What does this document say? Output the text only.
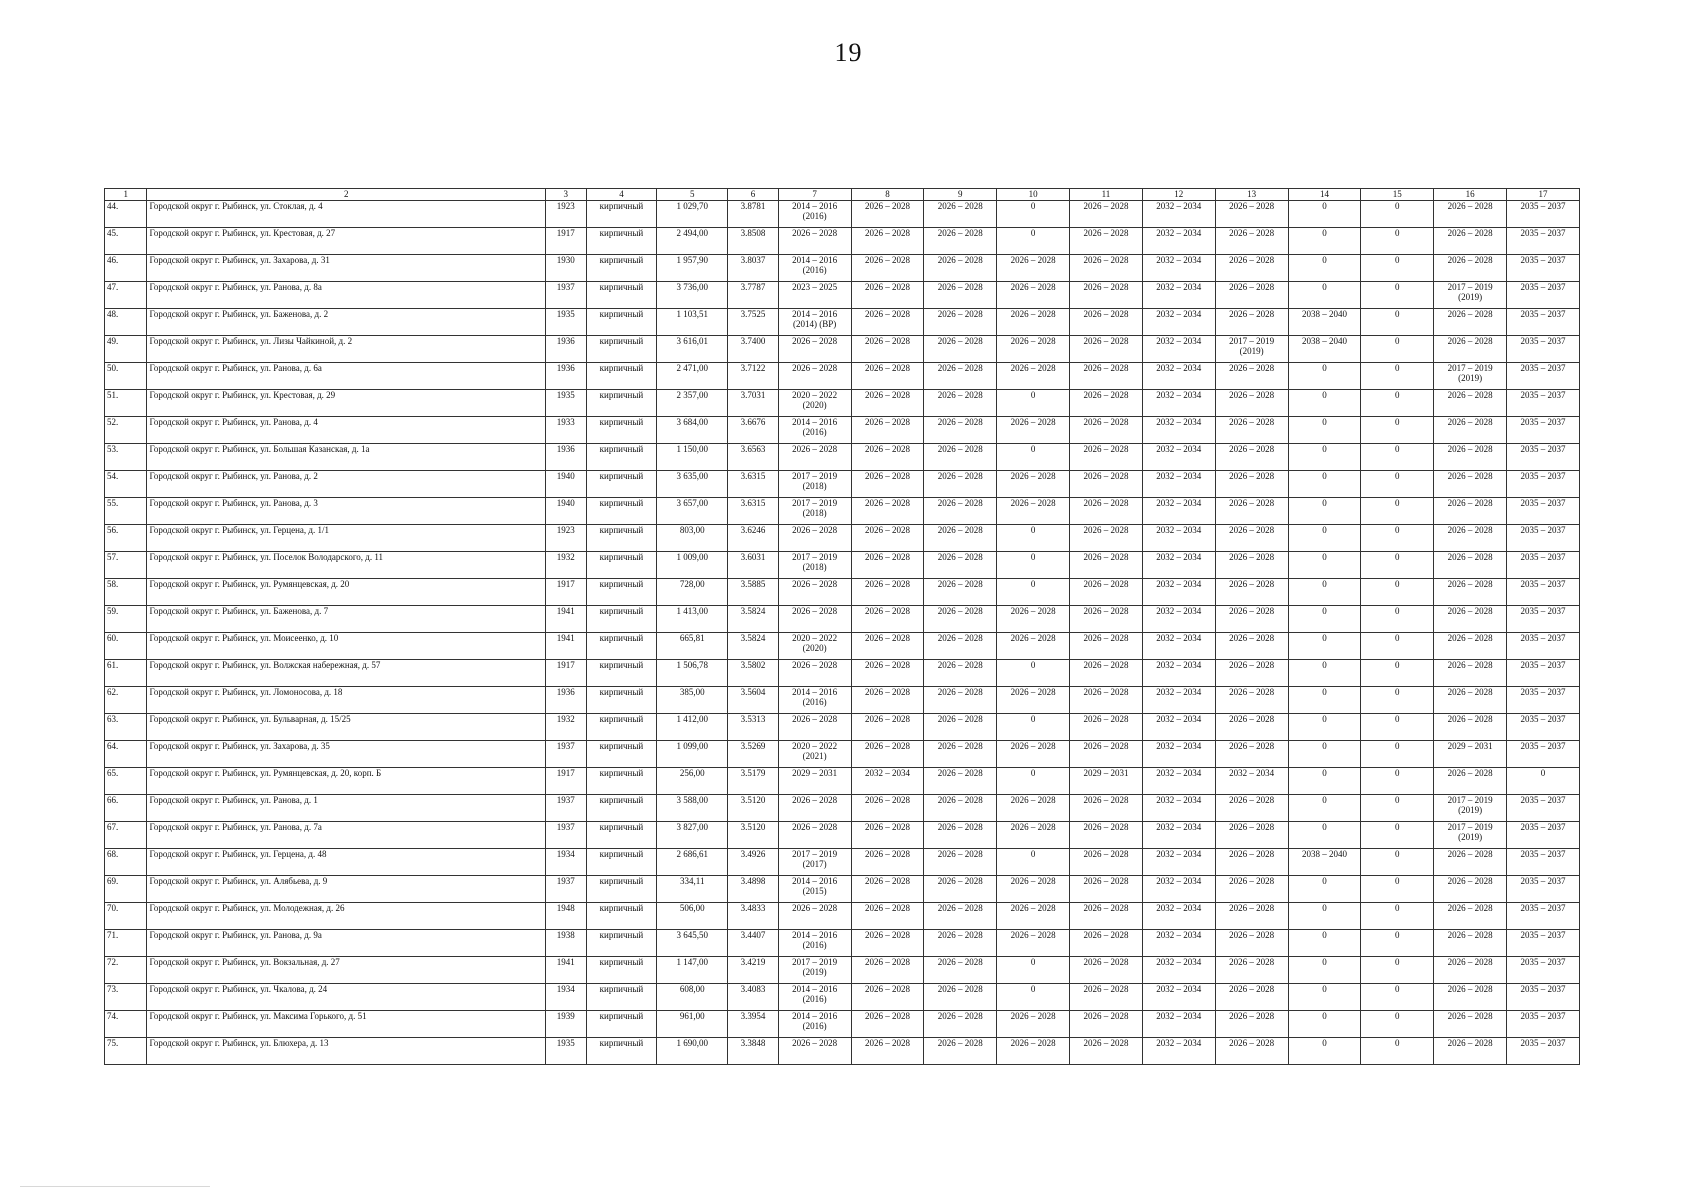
19
1	2	3	4	5	6	7	8	9	10	11	12	13	14	15	16	17
44.	Городской округ г. Рыбинск, ул. Стоклая, д. 4	1923	кирпичный	1 029,70	3.8781	2014 – 2016 (2016)	2026 – 2028	2026 – 2028	0	2026 – 2028	2032 – 2034	2026 – 2028	0	0	2026 – 2028	2035 – 2037
45.	Городской округ г. Рыбинск, ул. Крестовая, д. 27	1917	кирпичный	2 494,00	3.8508	2026 – 2028	2026 – 2028	2026 – 2028	0	2026 – 2028	2032 – 2034	2026 – 2028	0	0	2026 – 2028	2035 – 2037
46.	Городской округ г. Рыбинск, ул. Захарова, д. 31	1930	кирпичный	1 957,90	3.8037	2014 – 2016 (2016)	2026 – 2028	2026 – 2028	2026 – 2028	2026 – 2028	2032 – 2034	2026 – 2028	0	0	2026 – 2028	2035 – 2037
47.	Городской округ г. Рыбинск, ул. Ранова, д. 8а	1937	кирпичный	3 736,00	3.7787	2023 – 2025	2026 – 2028	2026 – 2028	2026 – 2028	2026 – 2028	2032 – 2034	2026 – 2028	0	0	2017 – 2019 (2019)	2035 – 2037
48.	Городской округ г. Рыбинск, ул. Баженова, д. 2	1935	кирпичный	1 103,51	3.7525	2014 – 2016 (2014) (ВР)	2026 – 2028	2026 – 2028	2026 – 2028	2026 – 2028	2032 – 2034	2026 – 2028	2038 – 2040	0	2026 – 2028	2035 – 2037
49.	Городской округ г. Рыбинск, ул. Лизы Чайкиной, д. 2	1936	кирпичный	3 616,01	3.7400	2026 – 2028	2026 – 2028	2026 – 2028	2026 – 2028	2026 – 2028	2032 – 2034	2017 – 2019 (2019)	2038 – 2040	0	2026 – 2028	2035 – 2037
50.	Городской округ г. Рыбинск, ул. Ранова, д. 6а	1936	кирпичный	2 471,00	3.7122	2026 – 2028	2026 – 2028	2026 – 2028	2026 – 2028	2026 – 2028	2032 – 2034	2026 – 2028	0	0	2017 – 2019 (2019)	2035 – 2037
51.	Городской округ г. Рыбинск, ул. Крестовая, д. 29	1935	кирпичный	2 357,00	3.7031	2020 – 2022 (2020)	2026 – 2028	2026 – 2028	0	2026 – 2028	2032 – 2034	2026 – 2028	0	0	2026 – 2028	2035 – 2037
52.	Городской округ г. Рыбинск, ул. Ранова, д. 4	1933	кирпичный	3 684,00	3.6676	2014 – 2016 (2016)	2026 – 2028	2026 – 2028	2026 – 2028	2026 – 2028	2032 – 2034	2026 – 2028	0	0	2026 – 2028	2035 – 2037
53.	Городской округ г. Рыбинск, ул. Большая Казанская, д. 1а	1936	кирпичный	1 150,00	3.6563	2026 – 2028	2026 – 2028	2026 – 2028	0	2026 – 2028	2032 – 2034	2026 – 2028	0	0	2026 – 2028	2035 – 2037
54.	Городской округ г. Рыбинск, ул. Ранова, д. 2	1940	кирпичный	3 635,00	3.6315	2017 – 2019 (2018)	2026 – 2028	2026 – 2028	2026 – 2028	2026 – 2028	2032 – 2034	2026 – 2028	0	0	2026 – 2028	2035 – 2037
55.	Городской округ г. Рыбинск, ул. Ранова, д. 3	1940	кирпичный	3 657,00	3.6315	2017 – 2019 (2018)	2026 – 2028	2026 – 2028	2026 – 2028	2026 – 2028	2032 – 2034	2026 – 2028	0	0	2026 – 2028	2035 – 2037
56.	Городской округ г. Рыбинск, ул. Герцена, д. 1/1	1923	кирпичный	803,00	3.6246	2026 – 2028	2026 – 2028	2026 – 2028	0	2026 – 2028	2032 – 2034	2026 – 2028	0	0	2026 – 2028	2035 – 2037
57.	Городской округ г. Рыбинск, ул. Поселок Володарского, д. 11	1932	кирпичный	1 009,00	3.6031	2017 – 2019 (2018)	2026 – 2028	2026 – 2028	0	2026 – 2028	2032 – 2034	2026 – 2028	0	0	2026 – 2028	2035 – 2037
58.	Городской округ г. Рыбинск, ул. Румянцевская, д. 20	1917	кирпичный	728,00	3.5885	2026 – 2028	2026 – 2028	2026 – 2028	0	2026 – 2028	2032 – 2034	2026 – 2028	0	0	2026 – 2028	2035 – 2037
59.	Городской округ г. Рыбинск, ул. Баженова, д. 7	1941	кирпичный	1 413,00	3.5824	2026 – 2028	2026 – 2028	2026 – 2028	2026 – 2028	2026 – 2028	2032 – 2034	2026 – 2028	0	0	2026 – 2028	2035 – 2037
60.	Городской округ г. Рыбинск, ул. Моисеенко, д. 10	1941	кирпичный	665,81	3.5824	2020 – 2022 (2020)	2026 – 2028	2026 – 2028	2026 – 2028	2026 – 2028	2032 – 2034	2026 – 2028	0	0	2026 – 2028	2035 – 2037
61.	Городской округ г. Рыбинск, ул. Волжская набережная, д. 57	1917	кирпичный	1 506,78	3.5802	2026 – 2028	2026 – 2028	2026 – 2028	0	2026 – 2028	2032 – 2034	2026 – 2028	0	0	2026 – 2028	2035 – 2037
62.	Городской округ г. Рыбинск, ул. Ломоносова, д. 18	1936	кирпичный	385,00	3.5604	2014 – 2016 (2016)	2026 – 2028	2026 – 2028	2026 – 2028	2026 – 2028	2032 – 2034	2026 – 2028	0	0	2026 – 2028	2035 – 2037
63.	Городской округ г. Рыбинск, ул. Бульварная, д. 15/25	1932	кирпичный	1 412,00	3.5313	2026 – 2028	2026 – 2028	2026 – 2028	0	2026 – 2028	2032 – 2034	2026 – 2028	0	0	2026 – 2028	2035 – 2037
64.	Городской округ г. Рыбинск, ул. Захарова, д. 35	1937	кирпичный	1 099,00	3.5269	2020 – 2022 (2021)	2026 – 2028	2026 – 2028	2026 – 2028	2026 – 2028	2032 – 2034	2026 – 2028	0	0	2029 – 2031	2035 – 2037
65.	Городской округ г. Рыбинск, ул. Румянцевская, д. 20, корп. Б	1917	кирпичный	256,00	3.5179	2029 – 2031	2032 – 2034	2026 – 2028	0	2029 – 2031	2032 – 2034	2032 – 2034	0	0	2026 – 2028	0
66.	Городской округ г. Рыбинск, ул. Ранова, д. 1	1937	кирпичный	3 588,00	3.5120	2026 – 2028	2026 – 2028	2026 – 2028	2026 – 2028	2026 – 2028	2032 – 2034	2026 – 2028	0	0	2017 – 2019 (2019)	2035 – 2037
67.	Городской округ г. Рыбинск, ул. Ранова, д. 7а	1937	кирпичный	3 827,00	3.5120	2026 – 2028	2026 – 2028	2026 – 2028	2026 – 2028	2026 – 2028	2032 – 2034	2026 – 2028	0	0	2017 – 2019 (2019)	2035 – 2037
68.	Городской округ г. Рыбинск, ул. Герцена, д. 48	1934	кирпичный	2 686,61	3.4926	2017 – 2019 (2017)	2026 – 2028	2026 – 2028	0	2026 – 2028	2032 – 2034	2026 – 2028	2038 – 2040	0	2026 – 2028	2035 – 2037
69.	Городской округ г. Рыбинск, ул. Алябьева, д. 9	1937	кирпичный	334,11	3.4898	2014 – 2016 (2015)	2026 – 2028	2026 – 2028	2026 – 2028	2026 – 2028	2032 – 2034	2026 – 2028	0	0	2026 – 2028	2035 – 2037
70.	Городской округ г. Рыбинск, ул. Молодежная, д. 26	1948	кирпичный	506,00	3.4833	2026 – 2028	2026 – 2028	2026 – 2028	2026 – 2028	2026 – 2028	2032 – 2034	2026 – 2028	0	0	2026 – 2028	2035 – 2037
71.	Городской округ г. Рыбинск, ул. Ранова, д. 9а	1938	кирпичный	3 645,50	3.4407	2014 – 2016 (2016)	2026 – 2028	2026 – 2028	2026 – 2028	2026 – 2028	2032 – 2034	2026 – 2028	0	0	2026 – 2028	2035 – 2037
72.	Городской округ г. Рыбинск, ул. Вокзальная, д. 27	1941	кирпичный	1 147,00	3.4219	2017 – 2019 (2019)	2026 – 2028	2026 – 2028	0	2026 – 2028	2032 – 2034	2026 – 2028	0	0	2026 – 2028	2035 – 2037
73.	Городской округ г. Рыбинск, ул. Чкалова, д. 24	1934	кирпичный	608,00	3.4083	2014 – 2016 (2016)	2026 – 2028	2026 – 2028	0	2026 – 2028	2032 – 2034	2026 – 2028	0	0	2026 – 2028	2035 – 2037
74.	Городской округ г. Рыбинск, ул. Максима Горького, д. 51	1939	кирпичный	961,00	3.3954	2014 – 2016 (2016)	2026 – 2028	2026 – 2028	2026 – 2028	2026 – 2028	2032 – 2034	2026 – 2028	0	0	2026 – 2028	2035 – 2037
75.	Городской округ г. Рыбинск, ул. Блюхера, д. 13	1935	кирпичный	1 690,00	3.3848	2026 – 2028	2026 – 2028	2026 – 2028	2026 – 2028	2026 – 2028	2032 – 2034	2026 – 2028	0	0	2026 – 2028	2035 – 2037
